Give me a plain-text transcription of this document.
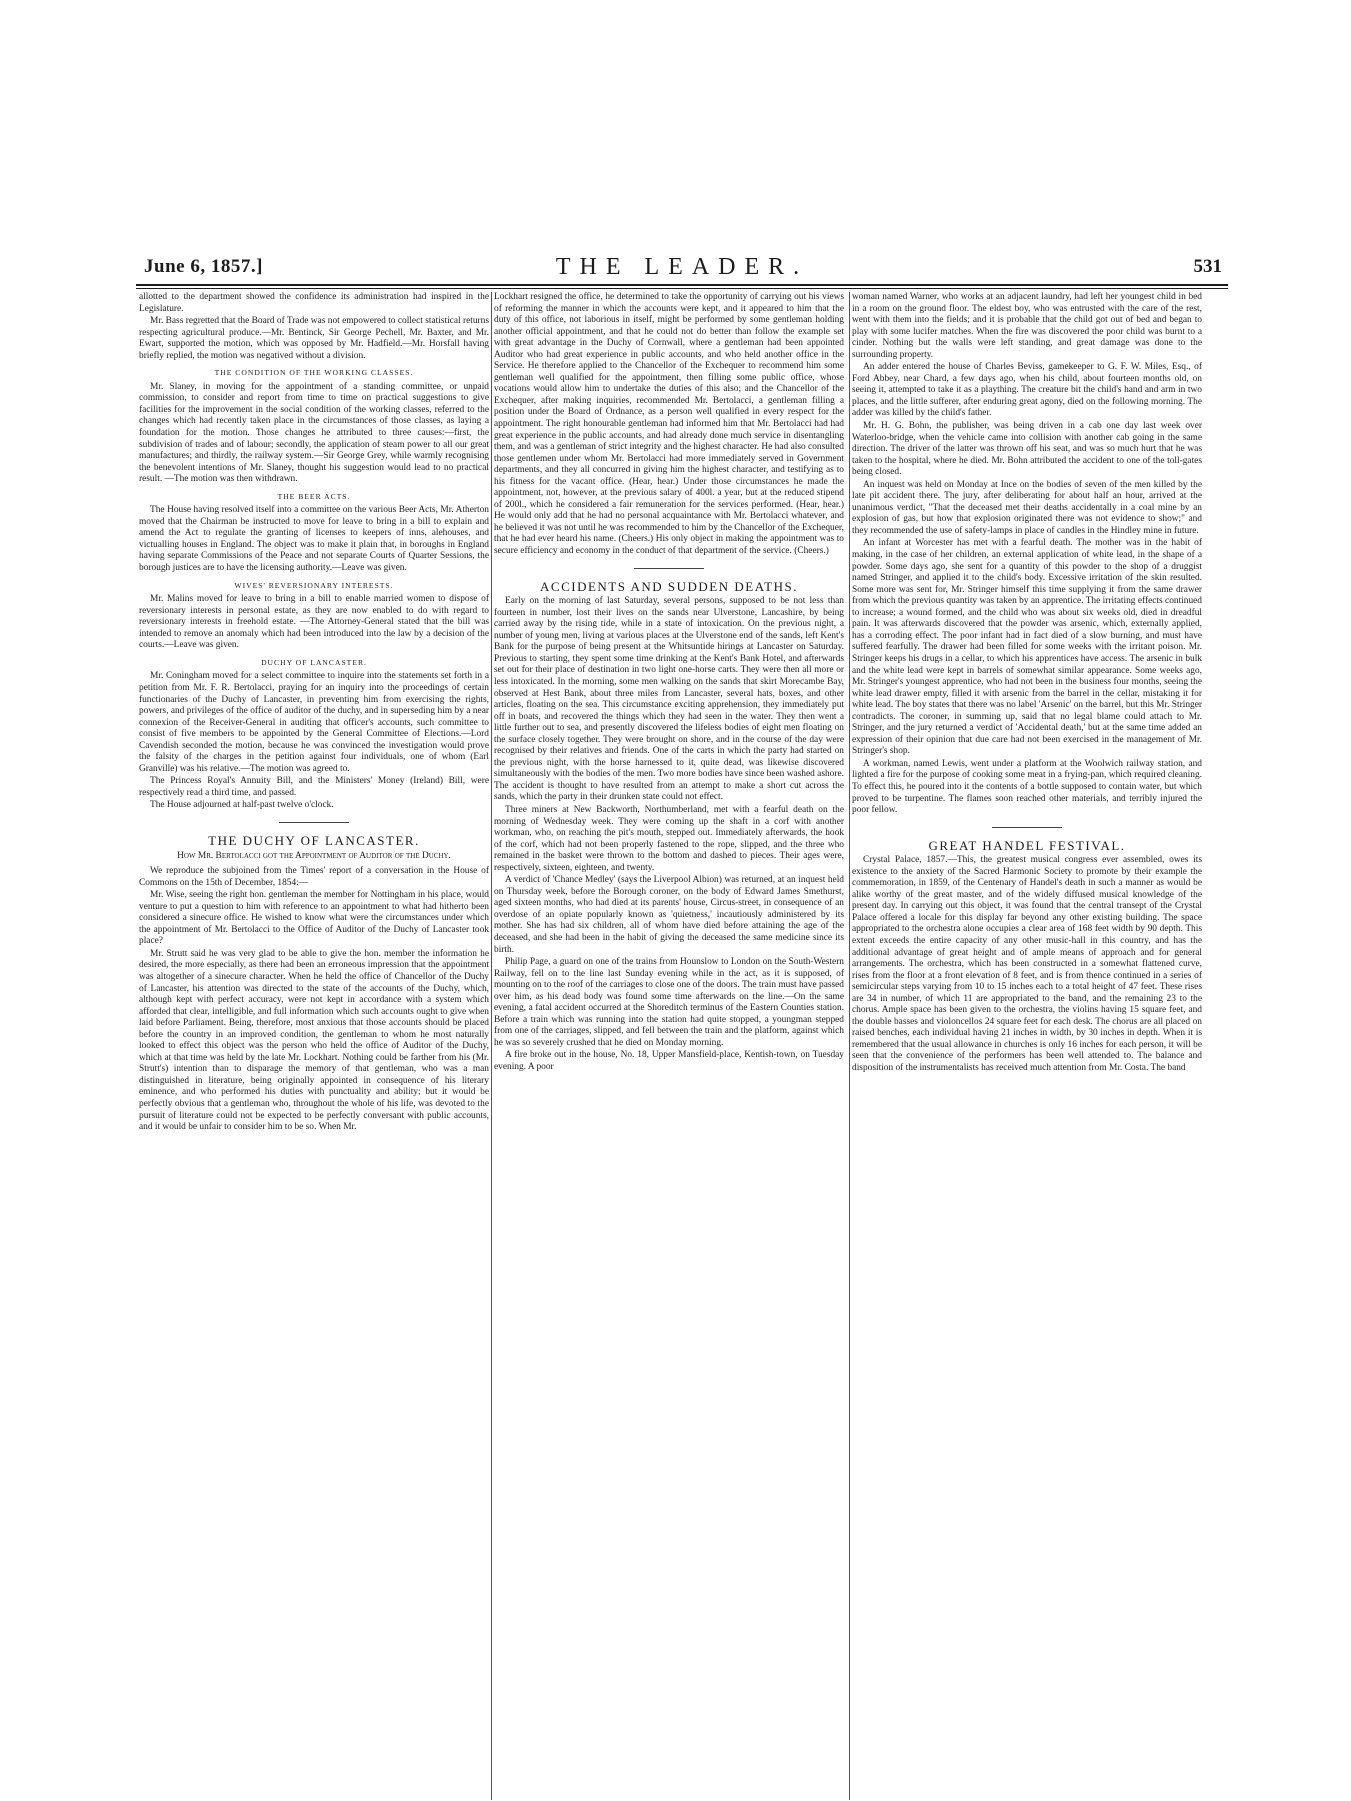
June 6, 1857.]	THE LEADER.	531

allotted to the department showed the confidence its administration had inspired in the Legislature.

Mr. Bass regretted that the Board of Trade was not empowered to collect statistical returns respecting agricultural produce.—Mr. Bentinck, Sir George Pechell, Mr. Baxter, and Mr. Ewart, supported the motion, which was opposed by Mr. Hadfield.—Mr. Horsfall having briefly replied, the motion was negatived without a division.

THE CONDITION OF THE WORKING CLASSES.

Mr. Slaney, in moving for the appointment of a standing committee, or unpaid commission, to consider and report from time to time on practical suggestions to give facilities for the improvement in the social condition of the working classes, referred to the changes which had recently taken place in the circumstances of those classes, as laying a foundation for the motion. Those changes he attributed to three causes:—first, the subdivision of trades and of labour; secondly, the application of steam power to all our great manufactures; and thirdly, the railway system.—Sir George Grey, while warmly recognising the benevolent intentions of Mr. Slaney, thought his suggestion would lead to no practical result. —The motion was then withdrawn.

THE BEER ACTS.

The House having resolved itself into a committee on the various Beer Acts, Mr. Atherton moved that the Chairman be instructed to move for leave to bring in a bill to explain and amend the Act to regulate the granting of licenses to keepers of inns, alehouses, and victualling houses in England. The object was to make it plain that, in boroughs in England having separate Commissions of the Peace and not separate Courts of Quarter Sessions, the borough justices are to have the licensing authority.—Leave was given.

WIVES' REVERSIONARY INTERESTS.

Mr. Malins moved for leave to bring in a bill to enable married women to dispose of reversionary interests in personal estate, as they are now enabled to do with regard to reversionary interests in freehold estate. —The Attorney-General stated that the bill was intended to remove an anomaly which had been introduced into the law by a decision of the courts.—Leave was given.

DUCHY OF LANCASTER.

Mr. Coningham moved for a select committee to inquire into the statements set forth in a petition from Mr. F. R. Bertolacci, praying for an inquiry into the proceedings of certain functionaries of the Duchy of Lancaster, in preventing him from exercising the rights, powers, and privileges of the office of auditor of the duchy, and in superseding him by a near connexion of the Receiver-General in auditing that officer's accounts, such committee to consist of five members to be appointed by the General Committee of Elections.—Lord Cavendish seconded the motion, because he was convinced the investigation would prove the falsity of the charges in the petition against four individuals, one of whom (Earl Granville) was his relative.—The motion was agreed to.

The Princess Royal's Annuity Bill, and the Ministers' Money (Ireland) Bill, were respectively read a third time, and passed.

The House adjourned at half-past twelve o'clock.

THE DUCHY OF LANCASTER.
How Mr. Bertolacci got the Appointment of Auditor of the Duchy.

We reproduce the subjoined from the Times' report of a conversation in the House of Commons on the 15th of December, 1854:—

Mr. Wise, seeing the right hon. gentleman the member for Nottingham in his place, would venture to put a question to him with reference to an appointment to what had hitherto been considered a sinecure office. He wished to know what were the circumstances under which the appointment of Mr. Bertolacci to the Office of Auditor of the Duchy of Lancaster took place?

Mr. Strutt said he was very glad to be able to give the hon. member the information he desired, the more especially, as there had been an erroneous impression that the appointment was altogether of a sinecure character. When he held the office of Chancellor of the Duchy of Lancaster, his attention was directed to the state of the accounts of the Duchy, which, although kept with perfect accuracy, were not kept in accordance with a system which afforded that clear, intelligible, and full information which such accounts ought to give when laid before Parliament. Being, therefore, most anxious that those accounts should be placed before the country in an improved condition, the gentleman to whom he most naturally looked to effect this object was the person who held the office of Auditor of the Duchy, which at that time was held by the late Mr. Lockhart. Nothing could be farther from his (Mr. Strutt's) intention than to disparage the memory of that gentleman, who was a man distinguished in literature, being originally appointed in consequence of his literary eminence, and who performed his duties with punctuality and ability; but it would be perfectly obvious that a gentleman who, throughout the whole of his life, was devoted to the pursuit of literature could not be expected to be perfectly conversant with public accounts, and it would be unfair to consider him to be so. When Mr.

Lockhart resigned the office, he determined to take the opportunity of carrying out his views of reforming the manner in which the accounts were kept, and it appeared to him that the duty of this office, not laborious in itself, might be performed by some gentleman holding another official appointment, and that he could not do better than follow the example set with great advantage in the Duchy of Cornwall, where a gentleman had been appointed Auditor who had great experience in public accounts, and who held another office in the Service. He therefore applied to the Chancellor of the Exchequer to recommend him some gentleman well qualified for the appointment, then filling some public office, whose vocations would allow him to undertake the duties of this also; and the Chancellor of the Exchequer, after making inquiries, recommended Mr. Bertolacci, a gentleman filling a position under the Board of Ordnance, as a person well qualified in every respect for the appointment. The right honourable gentleman had informed him that Mr. Bertolacci had had great experience in the public accounts, and had already done much service in disentangling them, and was a gentleman of strict integrity and the highest character. He had also consulted those gentlemen under whom Mr. Bertolacci had more immediately served in Government departments, and they all concurred in giving him the highest character, and testifying as to his fitness for the vacant office. (Hear, hear.) Under those circumstances he made the appointment, not, however, at the previous salary of 400l. a year, but at the reduced stipend of 200l., which he considered a fair remuneration for the services performed. (Hear, hear.) He would only add that he had no personal acquaintance with Mr. Bertolacci whatever, and he believed it was not until he was recommended to him by the Chancellor of the Exchequer, that he had ever heard his name. (Cheers.) His only object in making the appointment was to secure efficiency and economy in the conduct of that department of the service. (Cheers.)

ACCIDENTS AND SUDDEN DEATHS.

Early on the morning of last Saturday, several persons, supposed to be not less than fourteen in number, lost their lives on the sands near Ulverstone, Lancashire, by being carried away by the rising tide, while in a state of intoxication. On the previous night, a number of young men, living at various places at the Ulverstone end of the sands, left Kent's Bank for the purpose of being present at the Whitsuntide hirings at Lancaster on Saturday. Previous to starting, they spent some time drinking at the Kent's Bank Hotel, and afterwards set out for their place of destination in two light one-horse carts. They were then all more or less intoxicated. In the morning, some men walking on the sands that skirt Morecambe Bay, observed at Hest Bank, about three miles from Lancaster, several hats, boxes, and other articles, floating on the sea. This circumstance exciting apprehension, they immediately put off in boats, and recovered the things which they had seen in the water. They then went a little further out to sea, and presently discovered the lifeless bodies of eight men floating on the surface closely together. They were brought on shore, and in the course of the day were recognised by their relatives and friends. One of the carts in which the party had started on the previous night, with the horse harnessed to it, quite dead, was likewise discovered simultaneously with the bodies of the men. Two more bodies have since been washed ashore. The accident is thought to have resulted from an attempt to make a short cut across the sands, which the party in their drunken state could not effect.

Three miners at New Backworth, Northumberland, met with a fearful death on the morning of Wednesday week. They were coming up the shaft in a corf with another workman, who, on reaching the pit's mouth, stepped out. Immediately afterwards, the hook of the corf, which had not been properly fastened to the rope, slipped, and the three who remained in the basket were thrown to the bottom and dashed to pieces. Their ages were, respectively, sixteen, eighteen, and twenty.

A verdict of 'Chance Medley' (says the Liverpool Albion) was returned, at an inquest held on Thursday week, before the Borough coroner, on the body of Edward James Smethurst, aged sixteen months, who had died at its parents' house, Circus-street, in consequence of an overdose of an opiate popularly known as 'quietness,' incautiously administered by its mother. She has had six children, all of whom have died before attaining the age of the deceased, and she had been in the habit of giving the deceased the same medicine since its birth.

Philip Page, a guard on one of the trains from Hounslow to London on the South-Western Railway, fell on to the line last Sunday evening while in the act, as it is supposed, of mounting on to the roof of the carriages to close one of the doors. The train must have passed over him, as his dead body was found some time afterwards on the line.—On the same evening, a fatal accident occurred at the Shoreditch terminus of the Eastern Counties station. Before a train which was running into the station had quite stopped, a youngman stepped from one of the carriages, slipped, and fell between the train and the platform, against which he was so severely crushed that he died on Monday morning.

A fire broke out in the house, No. 18, Upper Mansfield-place, Kentish-town, on Tuesday evening. A poor

woman named Warner, who works at an adjacent laundry, had left her youngest child in bed in a room on the ground floor. The eldest boy, who was entrusted with the care of the rest, went with them into the fields; and it is probable that the child got out of bed and began to play with some lucifer matches. When the fire was discovered the poor child was burnt to a cinder. Nothing but the walls were left standing, and great damage was done to the surrounding property.

An adder entered the house of Charles Beviss, gamekeeper to G. F. W. Miles, Esq., of Ford Abbey, near Chard, a few days ago, when his child, about fourteen months old, on seeing it, attempted to take it as a plaything. The creature bit the child's hand and arm in two places, and the little sufferer, after enduring great agony, died on the following morning. The adder was killed by the child's father.

Mr. H. G. Bohn, the publisher, was being driven in a cab one day last week over Waterloo-bridge, when the vehicle came into collision with another cab going in the same direction. The driver of the latter was thrown off his seat, and was so much hurt that he was taken to the hospital, where he died. Mr. Bohn attributed the accident to one of the toll-gates being closed.

An inquest was held on Monday at Ince on the bodies of seven of the men killed by the late pit accident there. The jury, after deliberating for about half an hour, arrived at the unanimous verdict, "That the deceased met their deaths accidentally in a coal mine by an explosion of gas, but how that explosion originated there was not evidence to show;" and they recommended the use of safety-lamps in place of candles in the Hindley mine in future.

An infant at Worcester has met with a fearful death. The mother was in the habit of making, in the case of her children, an external application of white lead, in the shape of a powder. Some days ago, she sent for a quantity of this powder to the shop of a druggist named Stringer, and applied it to the child's body. Excessive irritation of the skin resulted. Some more was sent for, Mr. Stringer himself this time supplying it from the same drawer from which the previous quantity was taken by an apprentice. The irritating effects continued to increase; a wound formed, and the child who was about six weeks old, died in dreadful pain. It was afterwards discovered that the powder was arsenic, which, externally applied, has a corroding effect. The poor infant had in fact died of a slow burning, and must have suffered fearfully. The drawer had been filled for some weeks with the irritant poison. Mr. Stringer keeps his drugs in a cellar, to which his apprentices have access. The arsenic in bulk and the white lead were kept in barrels of somewhat similar appearance. Some weeks ago, Mr. Stringer's youngest apprentice, who had not been in the business four months, seeing the white lead drawer empty, filled it with arsenic from the barrel in the cellar, mistaking it for white lead. The boy states that there was no label 'Arsenic' on the barrel, but this Mr. Stringer contradicts. The coroner, in summing up, said that no legal blame could attach to Mr. Stringer, and the jury returned a verdict of 'Accidental death,' but at the same time added an expression of their opinion that due care had not been exercised in the management of Mr. Stringer's shop.

A workman, named Lewis, went under a platform at the Woolwich railway station, and lighted a fire for the purpose of cooking some meat in a frying-pan, which required cleaning. To effect this, he poured into it the contents of a bottle supposed to contain water, but which proved to be turpentine. The flames soon reached other materials, and terribly injured the poor fellow.

GREAT HANDEL FESTIVAL.

Crystal Palace, 1857.—This, the greatest musical congress ever assembled, owes its existence to the anxiety of the Sacred Harmonic Society to promote by their example the commemoration, in 1859, of the Centenary of Handel's death in such a manner as would be alike worthy of the great master, and of the widely diffused musical knowledge of the present day. In carrying out this object, it was found that the central transept of the Crystal Palace offered a locale for this display far beyond any other existing building. The space appropriated to the orchestra alone occupies a clear area of 168 feet width by 90 depth. This extent exceeds the entire capacity of any other music-hall in this country, and has the additional advantage of great height and of ample means of approach and for general arrangements. The orchestra, which has been constructed in a somewhat flattened curve, rises from the floor at a front elevation of 8 feet, and is from thence continued in a series of semicircular steps varying from 10 to 15 inches each to a total height of 47 feet. These rises are 34 in number, of which 11 are appropriated to the band, and the remaining 23 to the chorus. Ample space has been given to the orchestra, the violins having 15 square feet, and the double basses and violoncellos 24 square feet for each desk. The chorus are all placed on raised benches, each individual having 21 inches in width, by 30 inches in depth. When it is remembered that the usual allowance in churches is only 16 inches for each person, it will be seen that the convenience of the performers has been well attended to. The balance and disposition of the instrumentalists has received much attention from Mr. Costa. The band
